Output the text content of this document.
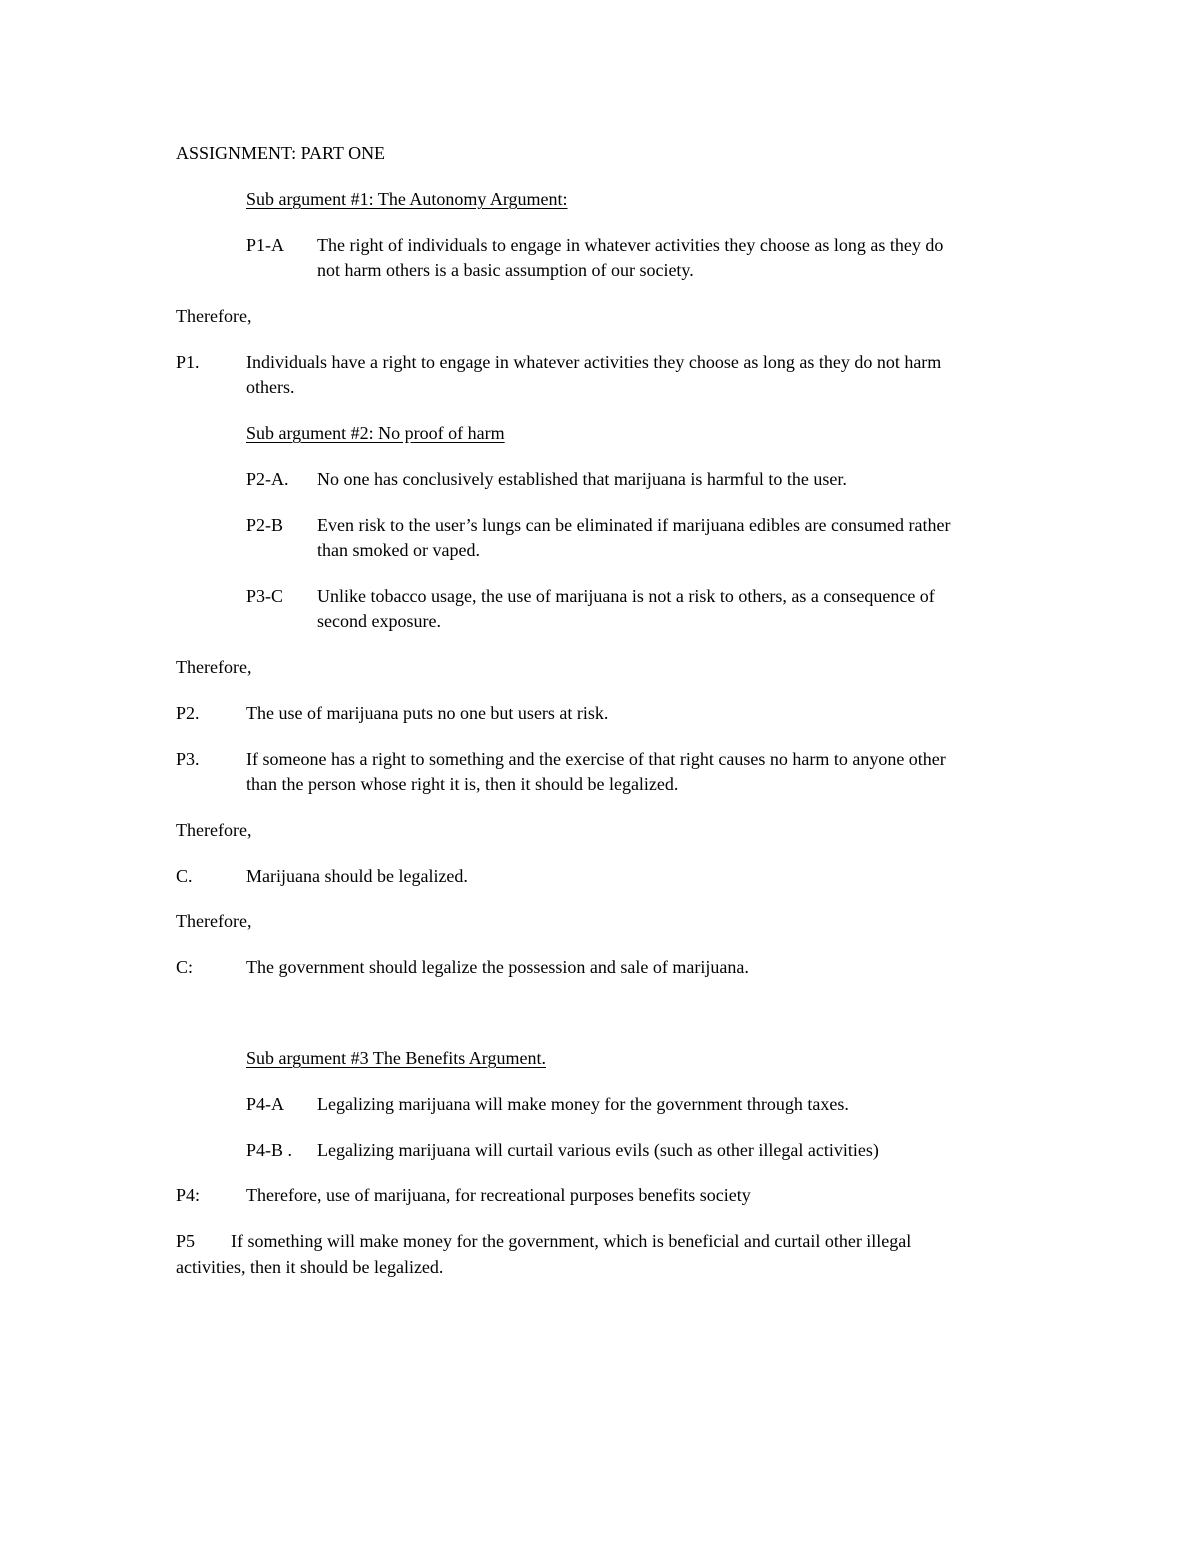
ASSIGNMENT: PART ONE
Sub argument #1: The Autonomy Argument:
P1-A The right of individuals to engage in whatever activities they choose as long as they do
not harm others is a basic assumption of our society.
Therefore,
P1.	Individuals have a right to engage in whatever activities they choose as long as they do not harm
others.
Sub argument #2: No proof of harm
P2-A. No one has conclusively established that marijuana is harmful to the user.
P2-B Even risk to the user’s lungs can be eliminated if marijuana edibles are consumed rather
than smoked or vaped.
P3-C Unlike tobacco usage, the use of marijuana is not a risk to others, as a consequence of
second exposure.
Therefore,
P2.	The use of marijuana puts no one but users at risk.
P3.	If someone has a right to something and the exercise of that right causes no harm to anyone other
than the person whose right it is, then it should be legalized.
Therefore,
C.	Marijuana should be legalized.
Therefore,
C:	The government should legalize the possession and sale of marijuana.
Sub argument #3 The Benefits Argument.
P4-A Legalizing marijuana will make money for the government through taxes.
P4-B . Legalizing marijuana will curtail various evils (such as other illegal activities)
P4:	Therefore, use of marijuana, for recreational purposes benefits society
P5 If something will make money for the government, which is beneficial and curtail other illegal
activities, then it should be legalized.
